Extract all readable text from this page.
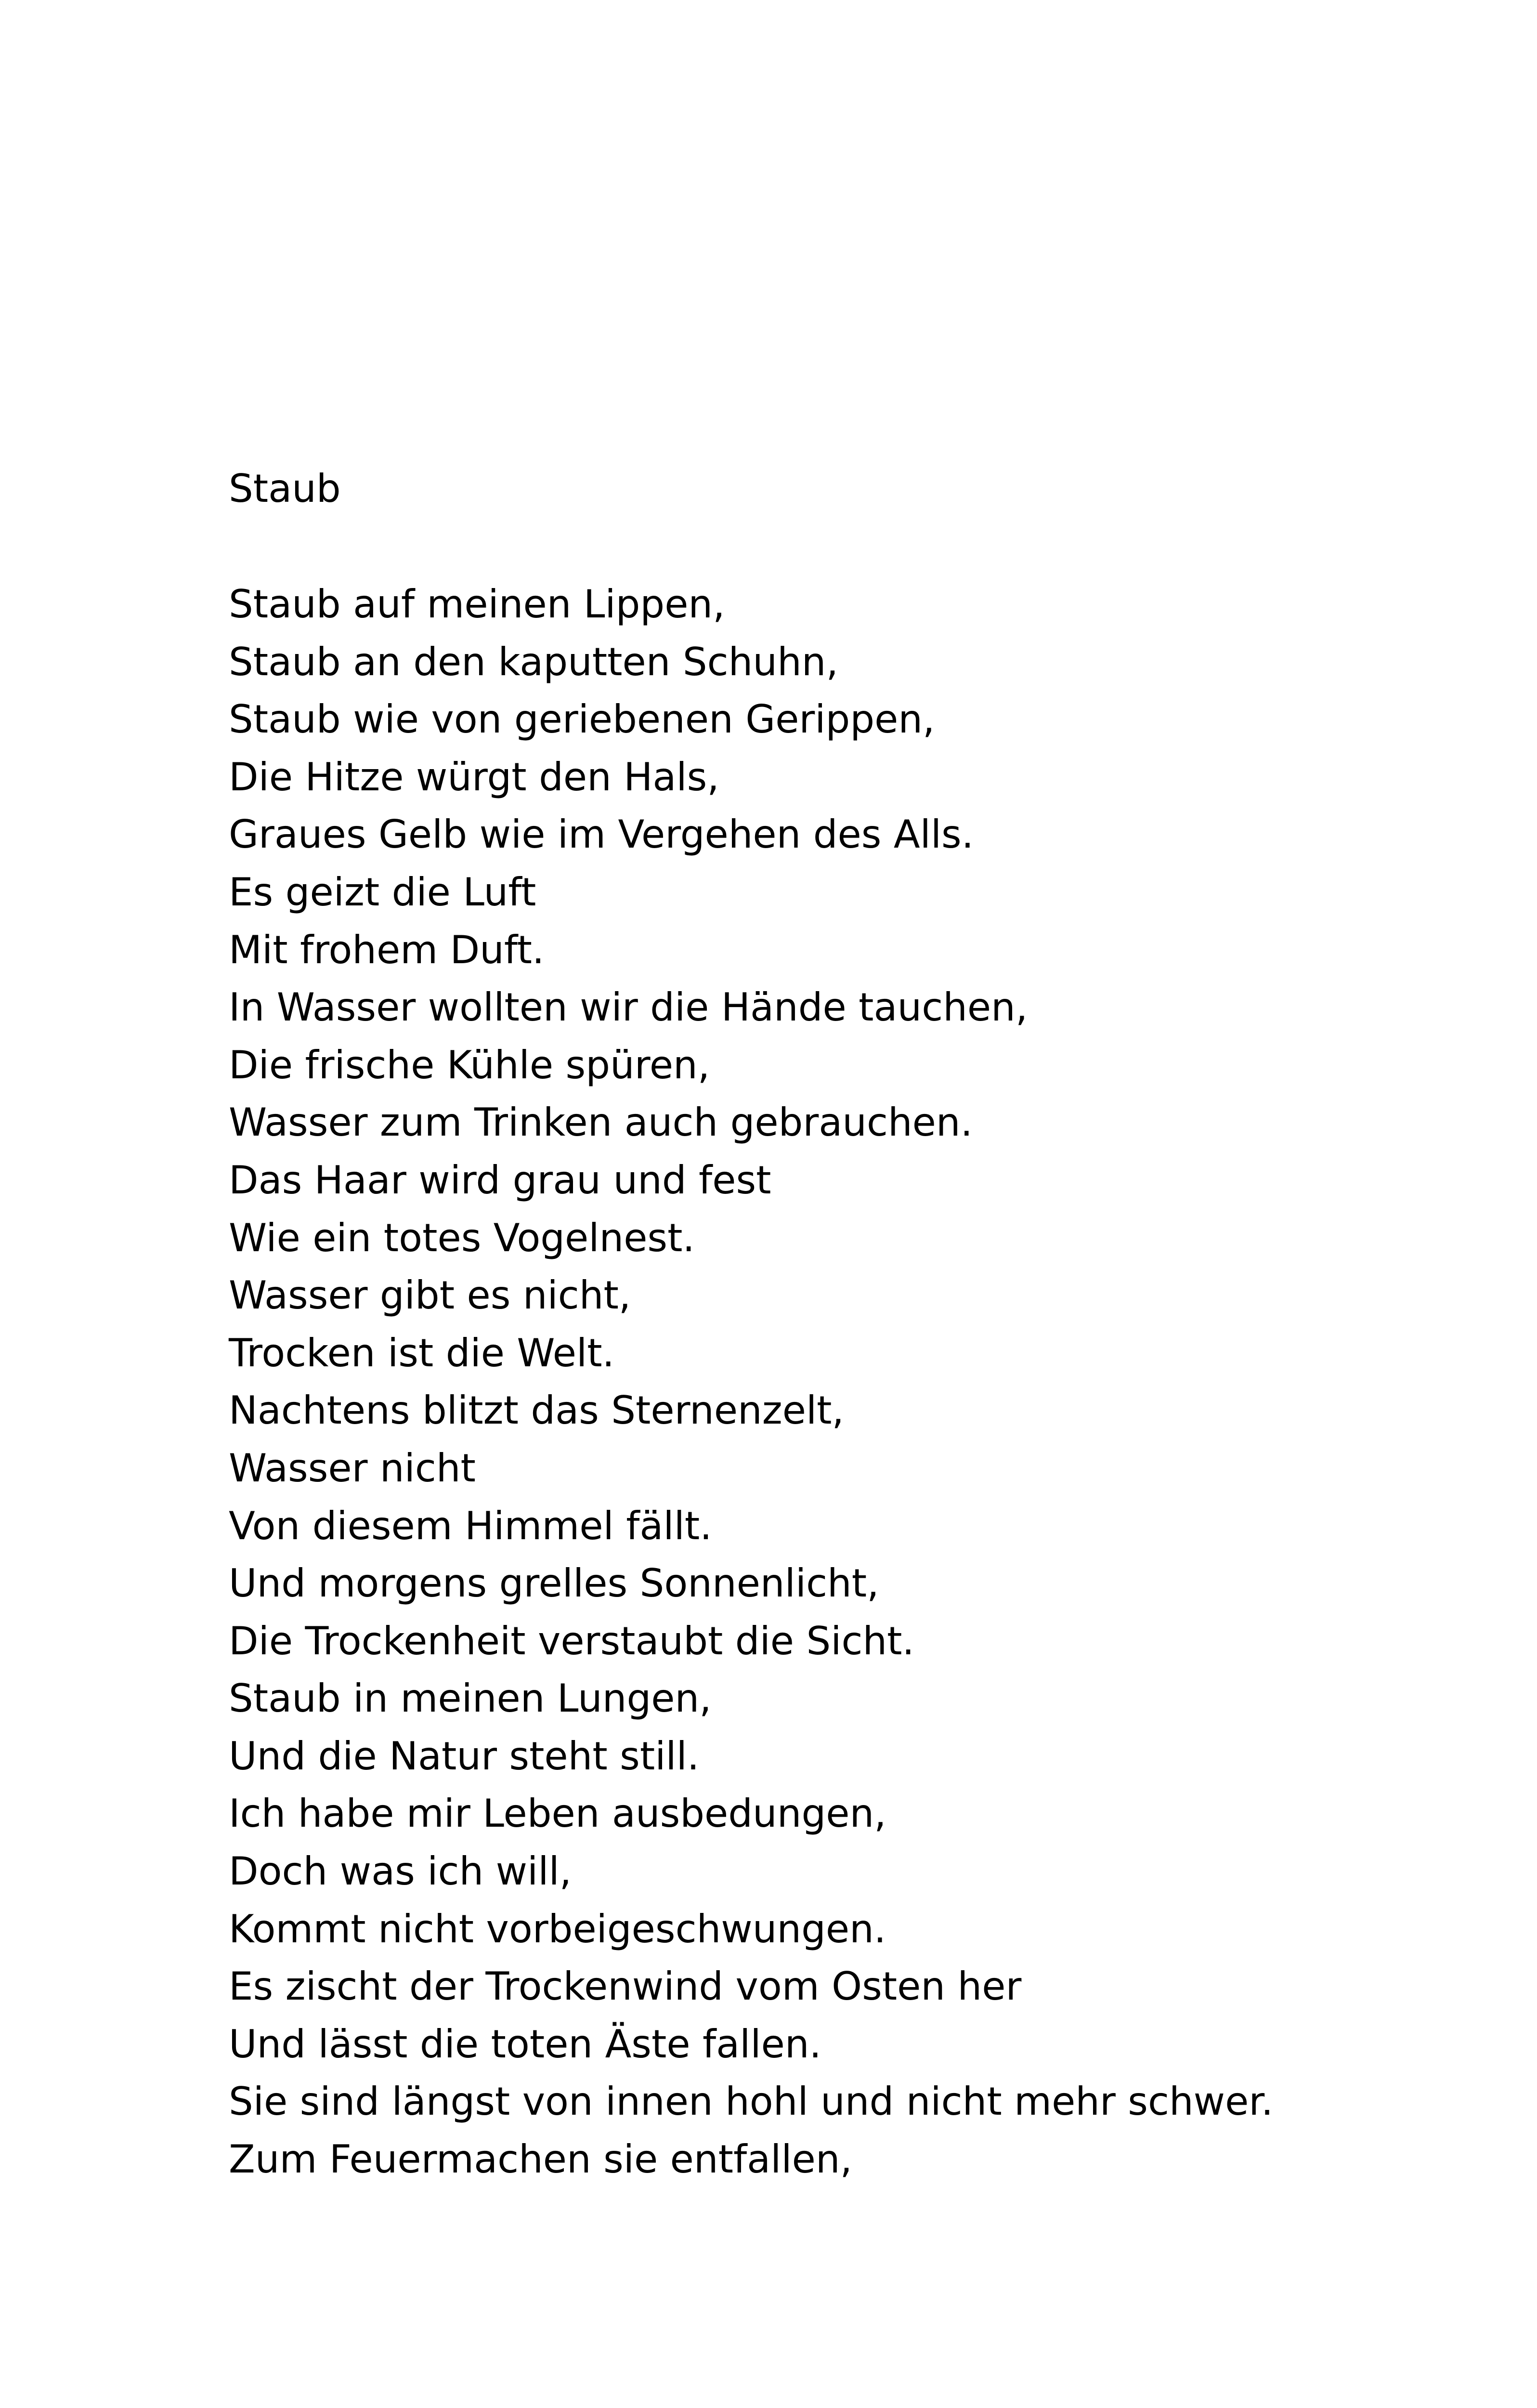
Staub
Staub auf meinen Lippen,
Staub an den kaputten Schuhn,
Staub wie von geriebenen Gerippen,
Die Hitze würgt den Hals,
Graues Gelb wie im Vergehen des Alls.
Es geizt die Luft
Mit frohem Duft.
In Wasser wollten wir die Hände tauchen,
Die frische Kühle spüren,
Wasser zum Trinken auch gebrauchen.
Das Haar wird grau und fest
Wie ein totes Vogelnest.
Wasser gibt es nicht,
Trocken ist die Welt.
Nachtens blitzt das Sternenzelt,
Wasser nicht
Von diesem Himmel fällt.
Und morgens grelles Sonnenlicht,
Die Trockenheit verstaubt die Sicht.
Staub in meinen Lungen,
Und die Natur steht still.
Ich habe mir Leben ausbedungen,
Doch was ich will,
Kommt nicht vorbeigeschwungen.
Es zischt der Trockenwind vom Osten her
Und lässt die toten Äste fallen.
Sie sind längst von innen hohl und nicht mehr schwer.
Zum Feuermachen sie entfallen,
